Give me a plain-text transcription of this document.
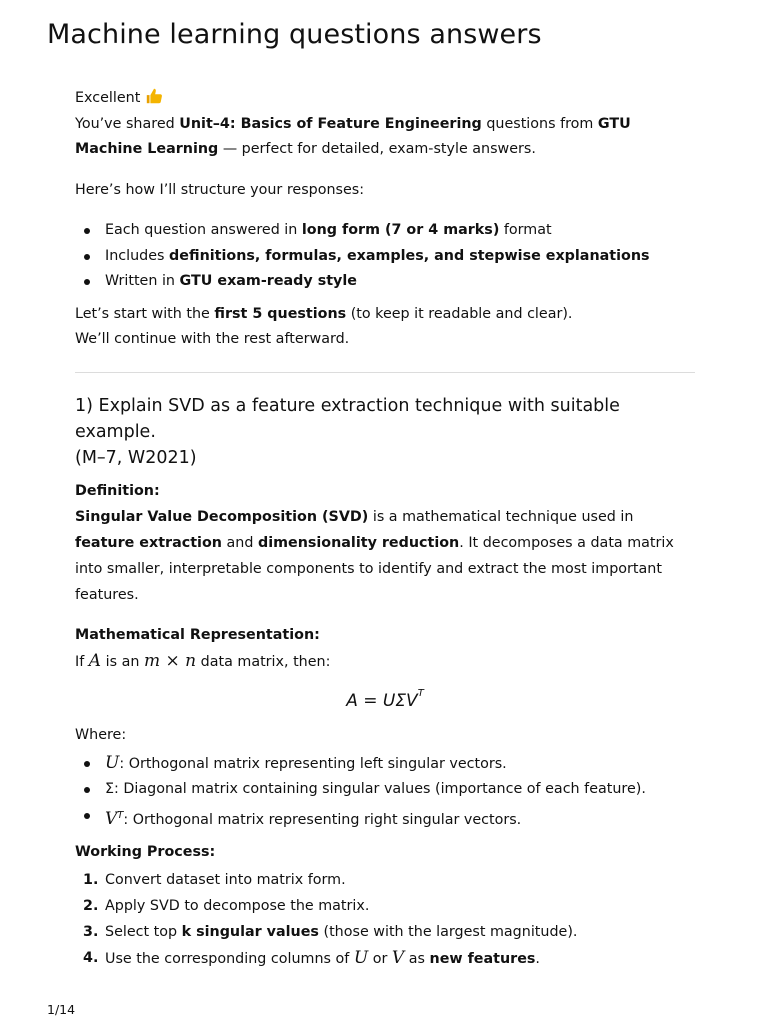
Machine learning questions answers

Excellent

You’ve shared Unit–4: Basics of Feature Engineering questions from GTU Machine Learning — perfect for detailed, exam-style answers.

Here’s how I’ll structure your responses:

Each question answered in long form (7 or 4 marks) format
Includes definitions, formulas, examples, and stepwise explanations
Written in GTU exam-ready style

Let’s start with the first 5 questions (to keep it readable and clear).

We’ll continue with the rest afterward.

1) Explain SVD as a feature extraction technique with suitable example.
(M–7, W2021)

Definition:

Singular Value Decomposition (SVD) is a mathematical technique used in feature extraction and dimensionality reduction. It decomposes a data matrix into smaller, interpretable components to identify and extract the most important features.

Mathematical Representation:

If A is an m × n data matrix, then:

$A = U\Sigma V^T$

Where:

U: Orthogonal matrix representing left singular vectors.
Σ: Diagonal matrix containing singular values (importance of each feature).
$V^T$: Orthogonal matrix representing right singular vectors.

Working Process:

1. Convert dataset into matrix form.
2. Apply SVD to decompose the matrix.
3. Select top k singular values (those with the largest magnitude).
4. Use the corresponding columns of U or V as new features.
1/14
